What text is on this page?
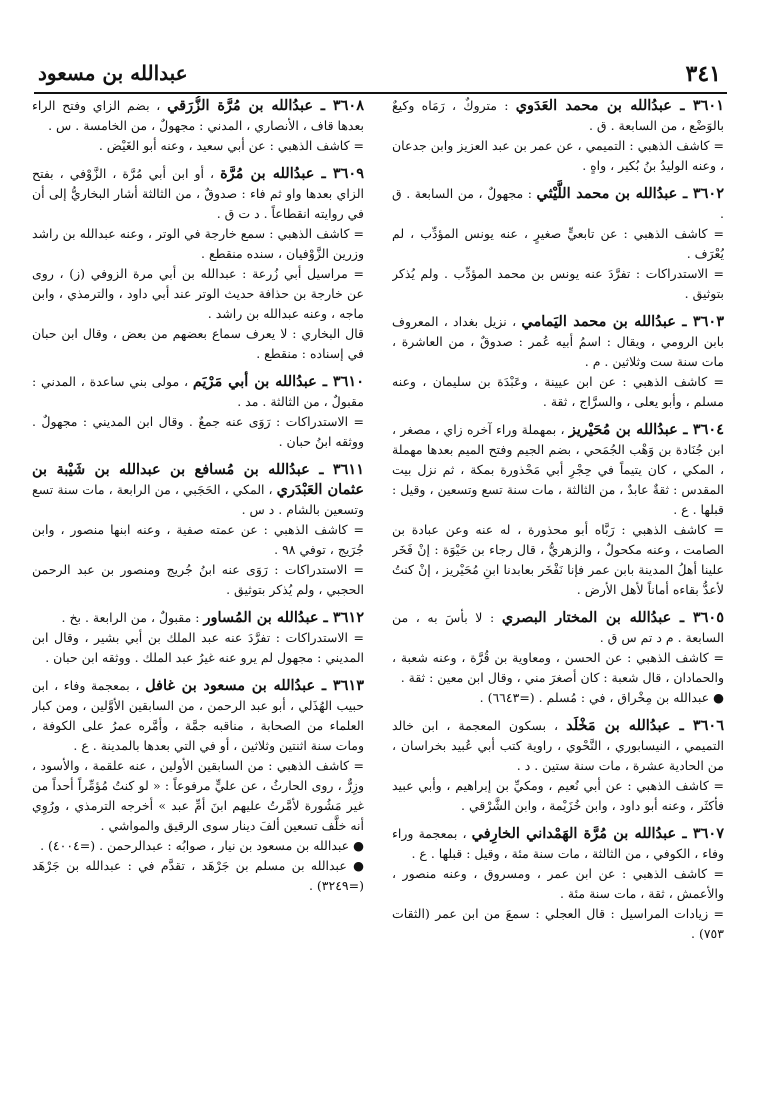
٣٤١
عبدالله بن مسعود

٣٦٠١ ـ عبدُالله بن محمد العَدَوي : متروكٌ ، رَمَاه وكيعٌ بالوَضْع ، من السابعة . ق .

= كاشف الذهبي : التميمي ، عن عمر بن عبد العزيز وابن جدعان ، وعنه الوليدُ بنُ بُكير ، واهٍ .

٣٦٠٢ ـ عبدُالله بن محمد اللَّيْثي : مجهولٌ ، من السابعة . ق .

= كاشف الذهبي : عن تابعيٍّ صغيرٍ ، عنه يونس المؤدِّب ، لم يُعْرَف .

= الاستدراكات : تفرَّدَ عنه يونس بن محمد المؤدِّب . ولم يُذكر بتوثيق .

٣٦٠٣ ـ عبدُالله بن محمد اليَمامي ، نزيل بغداد ، المعروف بابن الرومي ، ويقال : اسمُ أبيه عُمر : صدوقٌ ، من العاشرة ، مات سنة ست وثلاثين . م .

= كاشف الذهبي : عن ابن عيينة ، وعَبْدَة بن سليمان ، وعنه مسلم ، وأبو يعلى ، والسرَّاج ، ثقة .

٣٦٠٤ ـ عبدُالله بن مُحَيْريز ، بمهملة وراء آخره زاي ، مصغر ، ابن جُنَادة بن وَهْب الجُمَحي ، بضم الجيم وفتح الميم بعدها مهملة ، المكي ، كان يتيماً في حِجْرِ أبي مَحْذورة بمكة ، ثم نزل بيت المقدس : ثقةٌ عابدٌ ، من الثالثة ، مات سنة تسع وتسعين ، وقيل : قبلها . ع .

= كاشف الذهبي : رَبَّاه أبو محذورة ، له عنه وعن عبادة بن الصامت ، وعنه مكحولٌ ، والزهريُّ ، قال رجاء بن حَيْوَة : إنْ فَخَر علينا أهلُ المدينة بابن عمر فإنا نَفْخَر بعابدنا ابنِ مُحَيْريز ، إنْ كنتُ لأعدُّ بقاءه أماناً لأهل الأرض .

٣٦٠٥ ـ عبدُالله بن المختار البصري : لا بأسَ به ، من السابعة . م د تم س ق .

= كاشف الذهبي : عن الحسن ، ومعاوية بن قُرَّة ، وعنه شعبة ، والحمادان ، قال شعبة : كان أصغرَ مني ، وقال ابن معين : ثقة .

● عبدالله بن مِخْراق ، في : مُسلم . (=٦٦٤٣) .

٣٦٠٦ ـ عبدُالله بن مَخْلَد ، بسكون المعجمة ، ابن خالد التميمي ، النيسابوري ، النَّحْوي ، راوية كتب أبي عُبيد بخراسان ، من الحادية عشرة ، مات سنة ستين . د .

= كاشف الذهبي : عن أبي نُعيم ، ومكيِّ بن إبراهيم ، وأبي عبيد فأكثَر ، وعنه أبو داود ، وابن خُزَيْمة ، وابن الشَّرْقي .

٣٦٠٧ ـ عبدُالله بن مُرَّة الهَمْداني الخارِفي ، بمعجمة وراء وفاء ، الكوفي ، من الثالثة ، مات سنة مئة ، وقيل : قبلها . ع .

= كاشف الذهبي : عن ابن عمر ، ومسروق ، وعنه منصور ، والأعمش ، ثقة ، مات سنة مئة .

= زيادات المراسيل : قال العجلي : سمعَ من ابن عمر (الثقات ٧٥٣) .

٣٦٠٨ ـ عبدُالله بن مُرَّة الزُّرَقي ، بضم الزاي وفتح الراء بعدها قاف ، الأنصاري ، المدني : مجهولٌ ، من الخامسة . س .

= كاشف الذهبي : عن أبي سعيد ، وعنه أبو الغَيْض .

٣٦٠٩ ـ عبدُالله بن مُرَّة ، أو ابن أبي مُرَّة ، الزَّوْفي ، بفتح الزاي بعدها واو ثم فاء : صدوقٌ ، من الثالثة أشار البخاريُّ إلى أن في روايته انقطاعاً . د ت ق .

= كاشف الذهبي : سمع خارجة في الوتر ، وعنه عبدالله بن راشد وزرين الزَّوْفيان ، سنده منقطع .

= مراسيل أبي زُرعة : عبدالله بن أبي مرة الزوفي (ز) ، روى عن خارجة بن حذافة حديث الوتر عند أبي داود ، والترمذي ، وابن ماجه ، وعنه عبدالله بن راشد .

قال البخاري : لا يعرف سماع بعضهم من بعض ، وقال ابن حبان في إسناده : منقطع .

٣٦١٠ ـ عبدُالله بن أبي مَرْيَم ، مولى بني ساعدة ، المدني : مقبولٌ ، من الثالثة . مد .

= الاستدراكات : رَوَى عنه جمعٌ . وقال ابن المديني : مجهولٌ . ووثقه ابنُ حبان .

٣٦١١ ـ عبدُالله بن مُسافع بن عبدالله بن شَيْبة بن عثمان العَبْدَري ، المكي ، الحَجَبي ، من الرابعة ، مات سنة تسع وتسعين بالشام . د س .

= كاشف الذهبي : عن عمته صفية ، وعنه ابنها منصور ، وابن جُرَيج ، توفي ٩٨ .

= الاستدراكات : رَوَى عنه ابنُ جُريج ومنصور بن عبد الرحمن الحجبي ، ولم يُذكر بتوثيق .

٣٦١٢ ـ عبدُالله بن المُساور : مقبولٌ ، من الرابعة . بخ .

= الاستدراكات : تفرَّدَ عنه عبد الملك بن أبي بشير ، وقال ابن المديني : مجهول لم يرو عنه غيرُ عبد الملك . ووثقه ابن حبان .

٣٦١٣ ـ عبدُالله بن مسعود بن غافل ، بمعجمة وفاء ، ابن حبيب الهُذَلي ، أبو عبد الرحمن ، من السابقين الأوَّلين ، ومن كبار العلماء من الصحابة ، مناقبه جمَّة ، وأمَّره عمرُ على الكوفة ، ومات سنة اثنتين وثلاثين ، أو في التي بعدها بالمدينة . ع .

= كاشف الذهبي : من السابقين الأولين ، عنه علقمة ، والأسود ، وزِرٌّ ، روى الحارثُ ، عن عليٍّ مرفوعاً : « لو كنتُ مُؤمِّراً أحداً من غير مَشُورة لأمَّرتُ عليهم ابنَ أمِّ عبد » أخرجه الترمذي ، ورُوِي أنه خلَّف تسعين ألفَ دينار سوى الرقيق والمواشي .

● عبدالله بن مسعود بن نيار ، صوابُه : عبدالرحمن . (=٤٠٠٤) .

● عبدالله بن مسلم بن جَرْهَد ، تقدَّم في : عبدالله بن جَرْهَد (=٣٢٤٩) .
